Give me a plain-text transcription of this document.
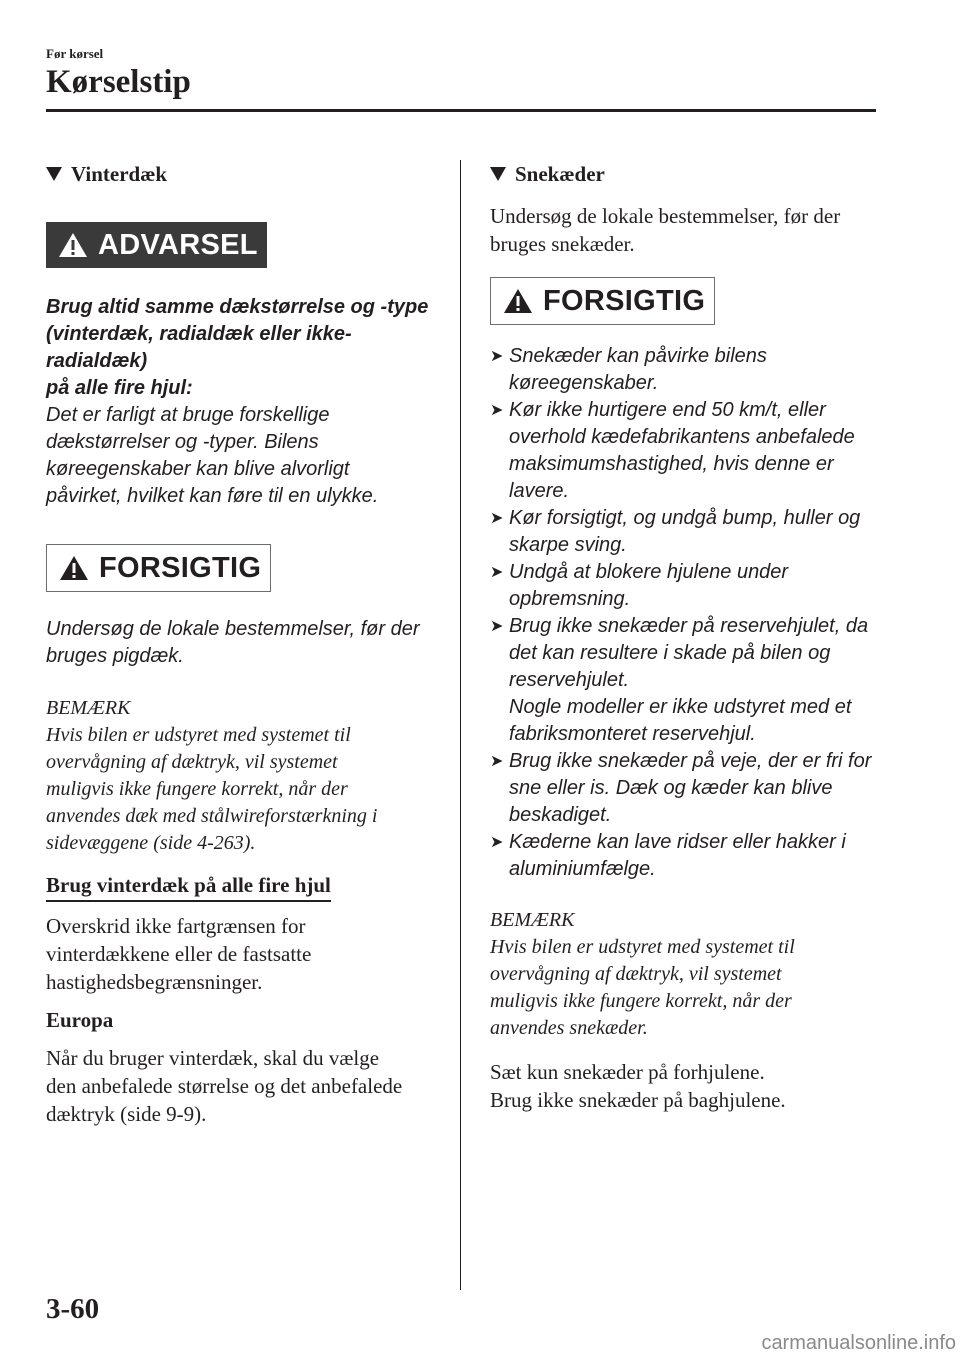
Før kørsel
Kørselstip
Vinterdæk
ADVARSEL
Brug altid samme dækstørrelse og -type
(vinterdæk, radialdæk eller ikke-radialdæk)
på alle fire hjul:
Det er farligt at bruge forskellige
dækstørrelser og -typer. Bilens
køreegenskaber kan blive alvorligt
påvirket, hvilket kan føre til en ulykke.
FORSIGTIG
Undersøg de lokale bestemmelser, før der
bruges pigdæk.
BEMÆRK
Hvis bilen er udstyret med systemet til
overvågning af dæktryk, vil systemet
muligvis ikke fungere korrekt, når der
anvendes dæk med stålwireforstærkning i
sidevæggene (side 4-263).
Brug vinterdæk på alle fire hjul
Overskrid ikke fartgrænsen for
vinterdækkene eller de fastsatte
hastighedsbegrænsninger.
Europa
Når du bruger vinterdæk, skal du vælge
den anbefalede størrelse og det anbefalede
dæktryk (side 9-9).
Snekæder
Undersøg de lokale bestemmelser, før der
bruges snekæder.
FORSIGTIG
➤ Snekæder kan påvirke bilens
køreegenskaber.
➤ Kør ikke hurtigere end 50 km/t, eller
overhold kædefabrikantens anbefalede
maksimumshastighed, hvis denne er
lavere.
➤ Kør forsigtigt, og undgå bump, huller og
skarpe sving.
➤ Undgå at blokere hjulene under
opbremsning.
➤ Brug ikke snekæder på reservehjulet, da
det kan resultere i skade på bilen og
reservehjulet.
Nogle modeller er ikke udstyret med et
fabriksmonteret reservehjul.
➤ Brug ikke snekæder på veje, der er fri for
sne eller is. Dæk og kæder kan blive
beskadiget.
➤ Kæderne kan lave ridser eller hakker i
aluminiumfælge.
BEMÆRK
Hvis bilen er udstyret med systemet til
overvågning af dæktryk, vil systemet
muligvis ikke fungere korrekt, når der
anvendes snekæder.
Sæt kun snekæder på forhjulene.
Brug ikke snekæder på baghjulene.
3-60
carmanualsonline.info
